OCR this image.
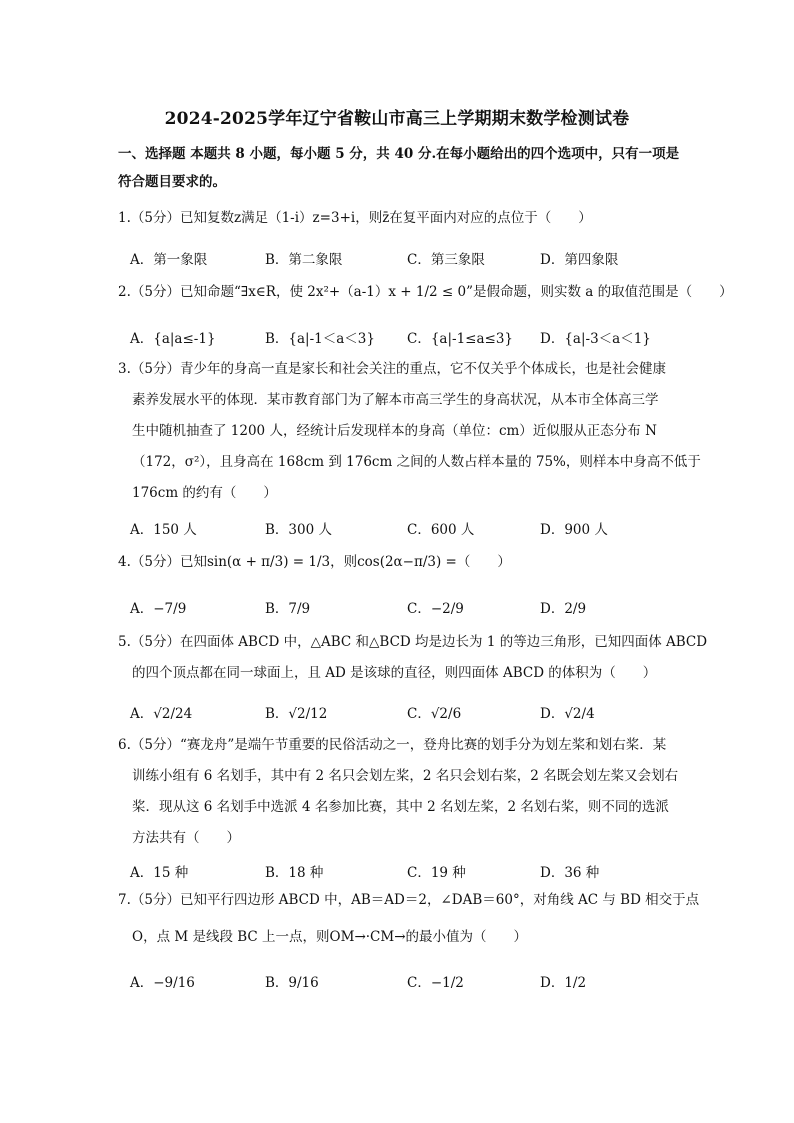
2024-2025学年辽宁省鞍山市高三上学期期末数学检测试卷
一、选择题 本题共 8 小题，每小题 5 分，共 40 分.在每小题给出的四个选项中，只有一项是
符合题目要求的。
1.（5分）已知复数z满足（1-i）z=3+i，则z̄在复平面内对应的点位于（　　）
A．第一象限	B．第二象限	C．第三象限	D．第四象限
2.（5分）已知命题“∃x∈R，使 2x²+（a-1）x + 1/2 ≤ 0”是假命题，则实数 a 的取值范围是（　　）
A．{a|a≤-1}	B．{a|-1＜a＜3} C．{a|-1≤a≤3} D．{a|-3＜a＜1}
3.（5分）青少年的身高一直是家长和社会关注的重点，它不仅关乎个体成长，也是社会健康
素养发展水平的体现．某市教育部门为了解本市高三学生的身高状况，从本市全体高三学
生中随机抽查了 1200 人，经统计后发现样本的身高（单位：cm）近似服从正态分布 N
（172，σ²），且身高在 168cm 到 176cm 之间的人数占样本量的 75%，则样本中身高不低于
176cm 的约有（　　）
A．150 人	B．300 人	C．600 人	D．900 人
4.（5分）已知sin(α + π/3) = 1/3，则cos(2α−π/3) =（　　）
A．−7/9	B．7/9	C．−2/9	D．2/9
5.（5分）在四面体 ABCD 中，△ABC 和△BCD 均是边长为 1 的等边三角形，已知四面体 ABCD
的四个顶点都在同一球面上，且 AD 是该球的直径，则四面体 ABCD 的体积为（　　）
A．√2/24	B．√2/12	C．√2/6	D．√2/4
6.（5分）“赛龙舟”是端午节重要的民俗活动之一，登舟比赛的划手分为划左桨和划右桨．某
训练小组有 6 名划手，其中有 2 名只会划左桨，2 名只会划右桨，2 名既会划左桨又会划右
桨．现从这 6 名划手中选派 4 名参加比赛，其中 2 名划左桨，2 名划右桨，则不同的选派
方法共有（　　）
A．15 种	B．18 种	C．19 种	D．36 种
7.（5分）已知平行四边形 ABCD 中，AB＝AD＝2，∠DAB＝60°，对角线 AC 与 BD 相交于点
O，点 M 是线段 BC 上一点，则OM→·CM→的最小值为（　　）
A．−9/16	B．9/16	C．−1/2	D．1/2
